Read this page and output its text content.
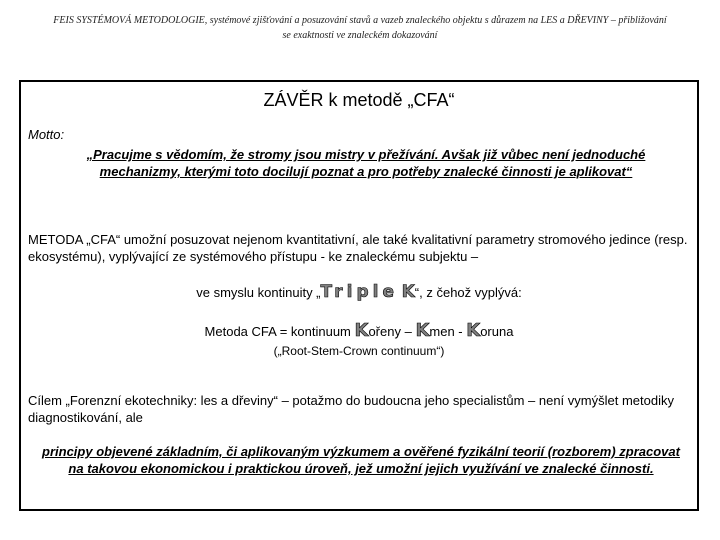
FEIS SYSTÉMOVÁ METODOLOGIE, systémové zjišťování a posuzování stavů a vazeb znaleckého objektu s důrazem na LES a DŘEVINY – přibližování
se exaktnosti ve znaleckém dokazování
ZÁVĚR k metodě „CFA“
Motto:
„Pracujme s vědomím, že stromy jsou mistry v přežívání. Avšak již vůbec není jednoduché mechanizmy, kterými toto docilují poznat a pro potřeby znalecké činnosti je aplikovat“
METODA „CFA“ umožní posuzovat nejenom kvantitativní, ale také kvalitativní parametry stromového jedince (resp. ekosystému), vyplývající ze systémového přístupu - ke znaleckému subjektu –
ve smyslu kontinuity „Triple K“, z čehož vyplývá:
Metoda CFA = kontinuum Kořeny – Kmen - Koruna
(„Root-Stem-Crown continuum“)
Cílem „Forenzní ekotechniky: les a dřeviny“ – potažmo do budoucna jeho specialistům – není vymýšlet metodiky diagnostikování, ale
principy objevené základním, či aplikovaným výzkumem a ověřené fyzikální teorií (rozborem) zpracovat na takovou ekonomickou i praktickou úroveň, jež umožní jejich využívání ve znalecké činnosti.
